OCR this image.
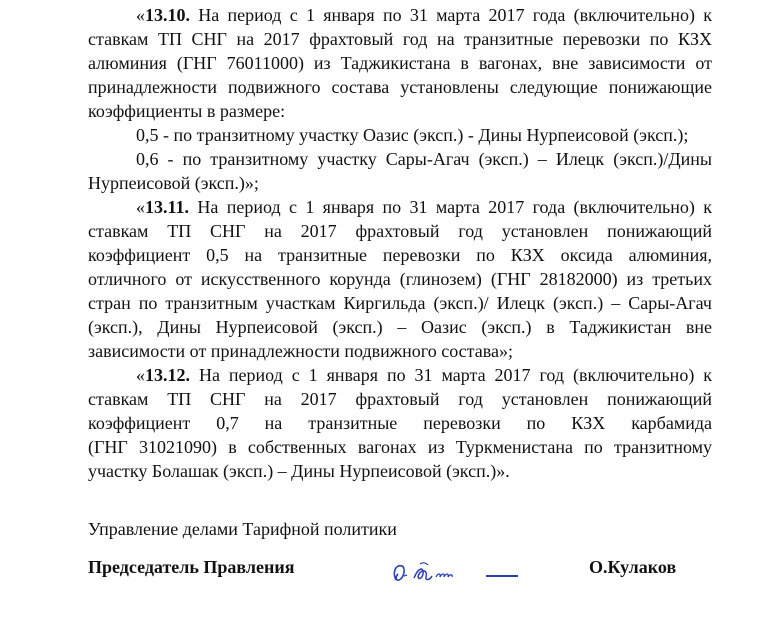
«13.10. На период с 1 января по 31 марта 2017 года (включительно) к
ставкам ТП СНГ на 2017 фрахтовый год на транзитные перевозки по КЗХ
алюминия (ГНГ 76011000) из Таджикистана в вагонах, вне зависимости от
принадлежности подвижного состава установлены следующие понижающие
коэффициенты в размере:
0,5 - по транзитному участку Оазис (эксп.) - Дины Нурпеисовой (эксп.);
0,6 - по транзитному участку Сары-Агач (эксп.) – Илецк (эксп.)/Дины
Нурпеисовой (эксп.)»;
«13.11. На период с 1 января по 31 марта 2017 года (включительно) к
ставкам ТП СНГ на 2017 фрахтовый год установлен понижающий
коэффициент 0,5 на транзитные перевозки по КЗХ оксида алюминия,
отличного от искусственного корунда (глинозем) (ГНГ 28182000) из третьих
стран по транзитным участкам Киргильда (эксп.)/ Илецк (эксп.) – Сары-Агач
(эксп.), Дины Нурпеисовой (эксп.) – Оазис (эксп.) в Таджикистан вне
зависимости от принадлежности подвижного состава»;
«13.12. На период с 1 января по 31 марта 2017 год (включительно) к
ставкам ТП СНГ на 2017 фрахтовый год установлен понижающий
коэффициент 0,7 на транзитные перевозки по КЗХ карбамида
(ГНГ 31021090) в собственных вагонах из Туркменистана по транзитному
участку Болашак (эксп.) – Дины Нурпеисовой (эксп.)».
Управление делами Тарифной политики
Председатель Правления	О.Кулаков
